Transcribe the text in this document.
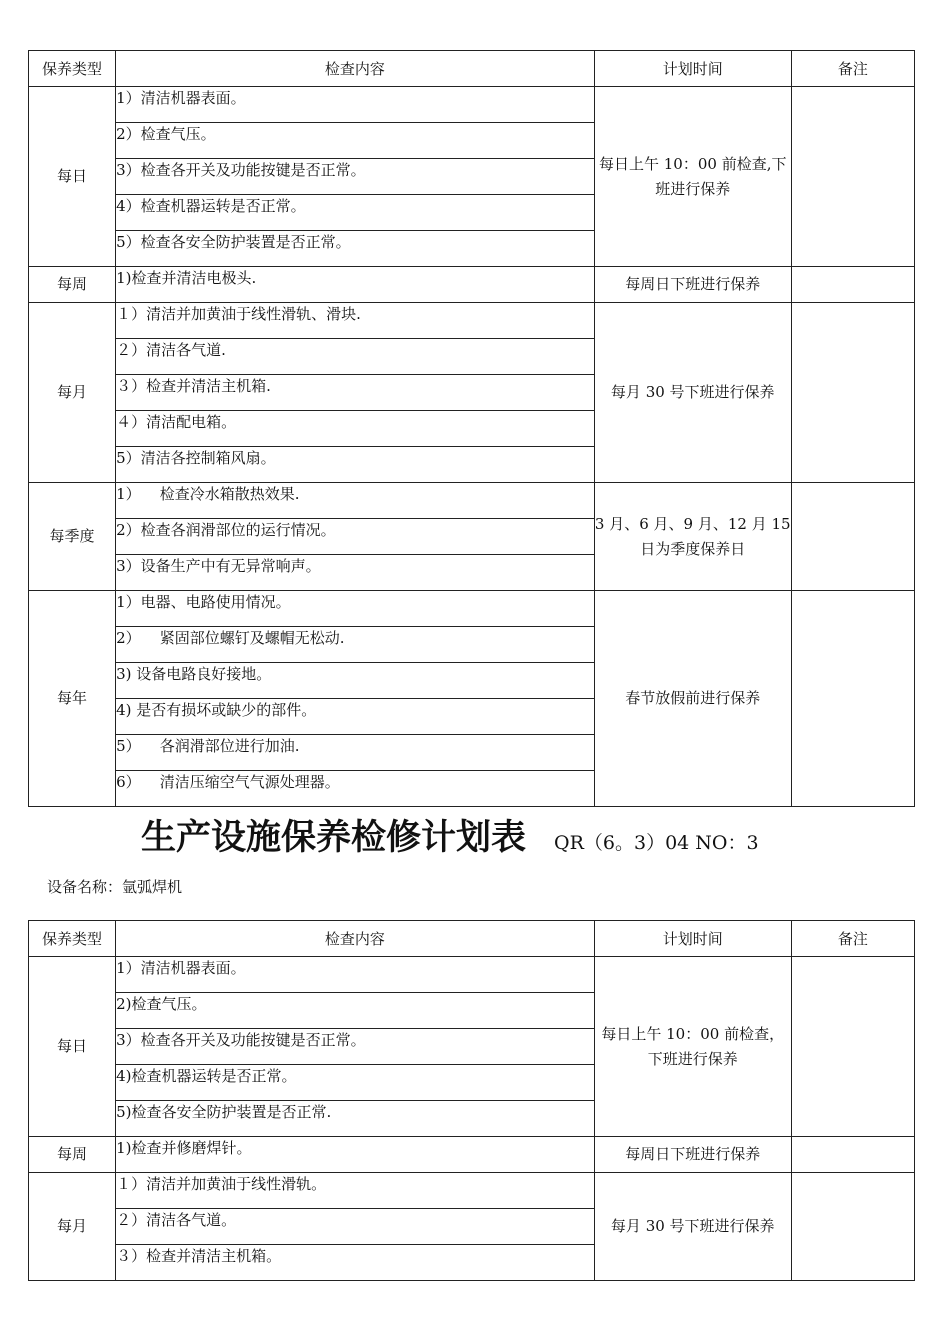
保养类型	检查内容	计划时间	备注
每日	1）清洁机器表面。	每日上午 10：00 前检查,下班进行保养	
	2）检查气压。		
	3）检查各开关及功能按键是否正常。		
	4）检查机器运转是否正常。		
	5）检查各安全防护装置是否正常。		
每周	1)检查并清洁电极头.	每周日下班进行保养	
每月	１）清洁并加黄油于线性滑轨、滑块.	每月 30 号下班进行保养	
	２）清洁各气道.		
	３）检查并清洁主机箱.		
	４）清洁配电箱。		
	5）清洁各控制箱风扇。		
每季度	1）    检查冷水箱散热效果.	3 月、6 月、9 月、12 月 15 日为季度保养日	
	2）检查各润滑部位的运行情况。		
	3）设备生产中有无异常响声。		
每年	1）电器、电路使用情况。	春节放假前进行保养	
	2）    紧固部位螺钉及螺帽无松动.		
	3) 设备电路良好接地。		
	4) 是否有损坏或缺少的部件。		
	5）    各润滑部位进行加油.		
	6）    清洁压缩空气气源处理器。		
生产设施保养检修计划表 QR（6。3）04 NO：3
设备名称：氩弧焊机
保养类型	检查内容	计划时间	备注
每日	1）清洁机器表面。	每日上午 10：00 前检查，下班进行保养	
	2)检查气压。		
	3）检查各开关及功能按键是否正常。		
	4)检查机器运转是否正常。		
	5)检查各安全防护装置是否正常.		
每周	1)检查并修磨焊针。	每周日下班进行保养	
每月	１）清洁并加黄油于线性滑轨。	每月 30 号下班进行保养	
	２）清洁各气道。		
	３）检查并清洁主机箱。		
